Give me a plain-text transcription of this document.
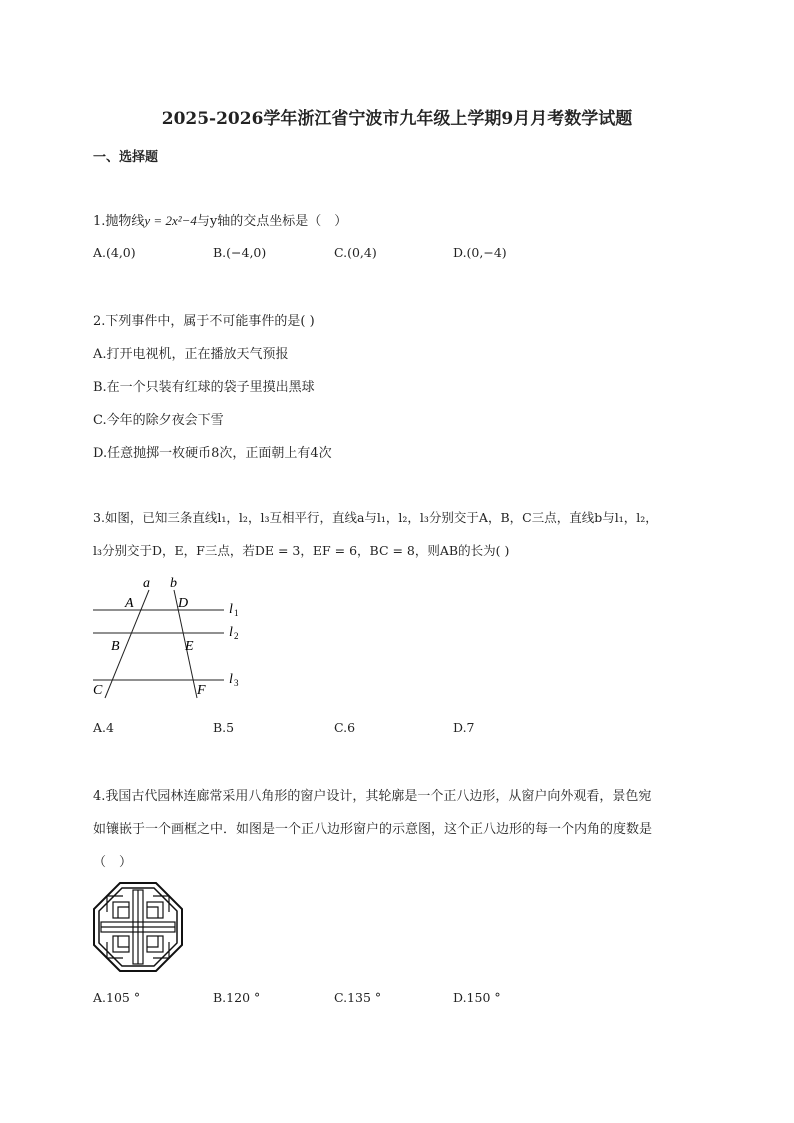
2025-2026学年浙江省宁波市九年级上学期9月月考数学试题
一、选择题
1.抛物线y = 2x²−4与y轴的交点坐标是（　）
A.(4,0)	B.(−4,0)	C.(0,4)	D.(0,−4)
2.下列事件中，属于不可能事件的是( )
A.打开电视机，正在播放天气预报
B.在一个只装有红球的袋子里摸出黑球
C.今年的除夕夜会下雪
D.任意抛掷一枚硬币8次，正面朝上有4次
3.如图，已知三条直线l₁，l₂，l₃互相平行，直线a与l₁，l₂，l₃分别交于A，B，C三点，直线b与l₁，l₂，
l₃分别交于D，E，F三点，若DE = 3，EF = 6，BC = 8，则AB的长为( )
a b
A	D
B	E
C	F
l 1
l 2
l 3
A.4	B.5	C.6	D.7
4.我国古代园林连廊常采用八角形的窗户设计，其轮廓是一个正八边形，从窗户向外观看，景色宛
如镶嵌于一个画框之中．如图是一个正八边形窗户的示意图，这个正八边形的每一个内角的度数是
（　）
A.105 °	B.120 °	C.135 °	D.150 °
